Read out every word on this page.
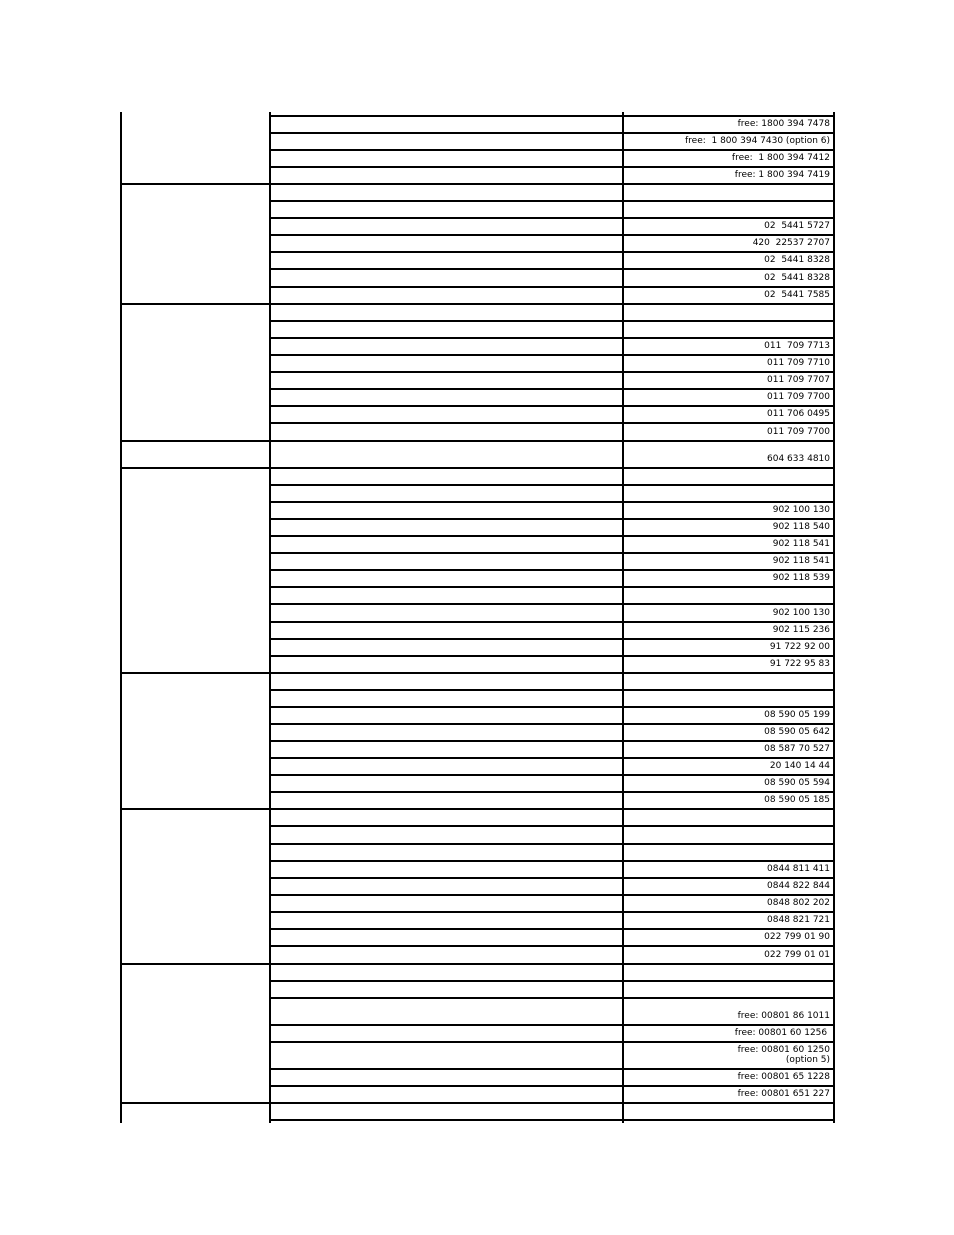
free: 1800 394 7478
free:  1 800 394 7430 (option 6)
free:  1 800 394 7412
free: 1 800 394 7419
02  5441 5727
420  22537 2707
02  5441 8328
02  5441 8328
02  5441 7585
011  709 7713
011 709 7710
011 709 7707
011 709 7700
011 706 0495
011 709 7700
604 633 4810
902 100 130
902 118 540
902 118 541
902 118 541
902 118 539
902 100 130
902 115 236
91 722 92 00
91 722 95 83
08 590 05 199
08 590 05 642
08 587 70 527
20 140 14 44
08 590 05 594
08 590 05 185
0844 811 411
0844 822 844
0848 802 202
0848 821 721
022 799 01 90
022 799 01 01
free: 00801 86 1011
free: 00801 60 1256
free: 00801 60 1250
(option 5)
free: 00801 65 1228
free: 00801 651 227
